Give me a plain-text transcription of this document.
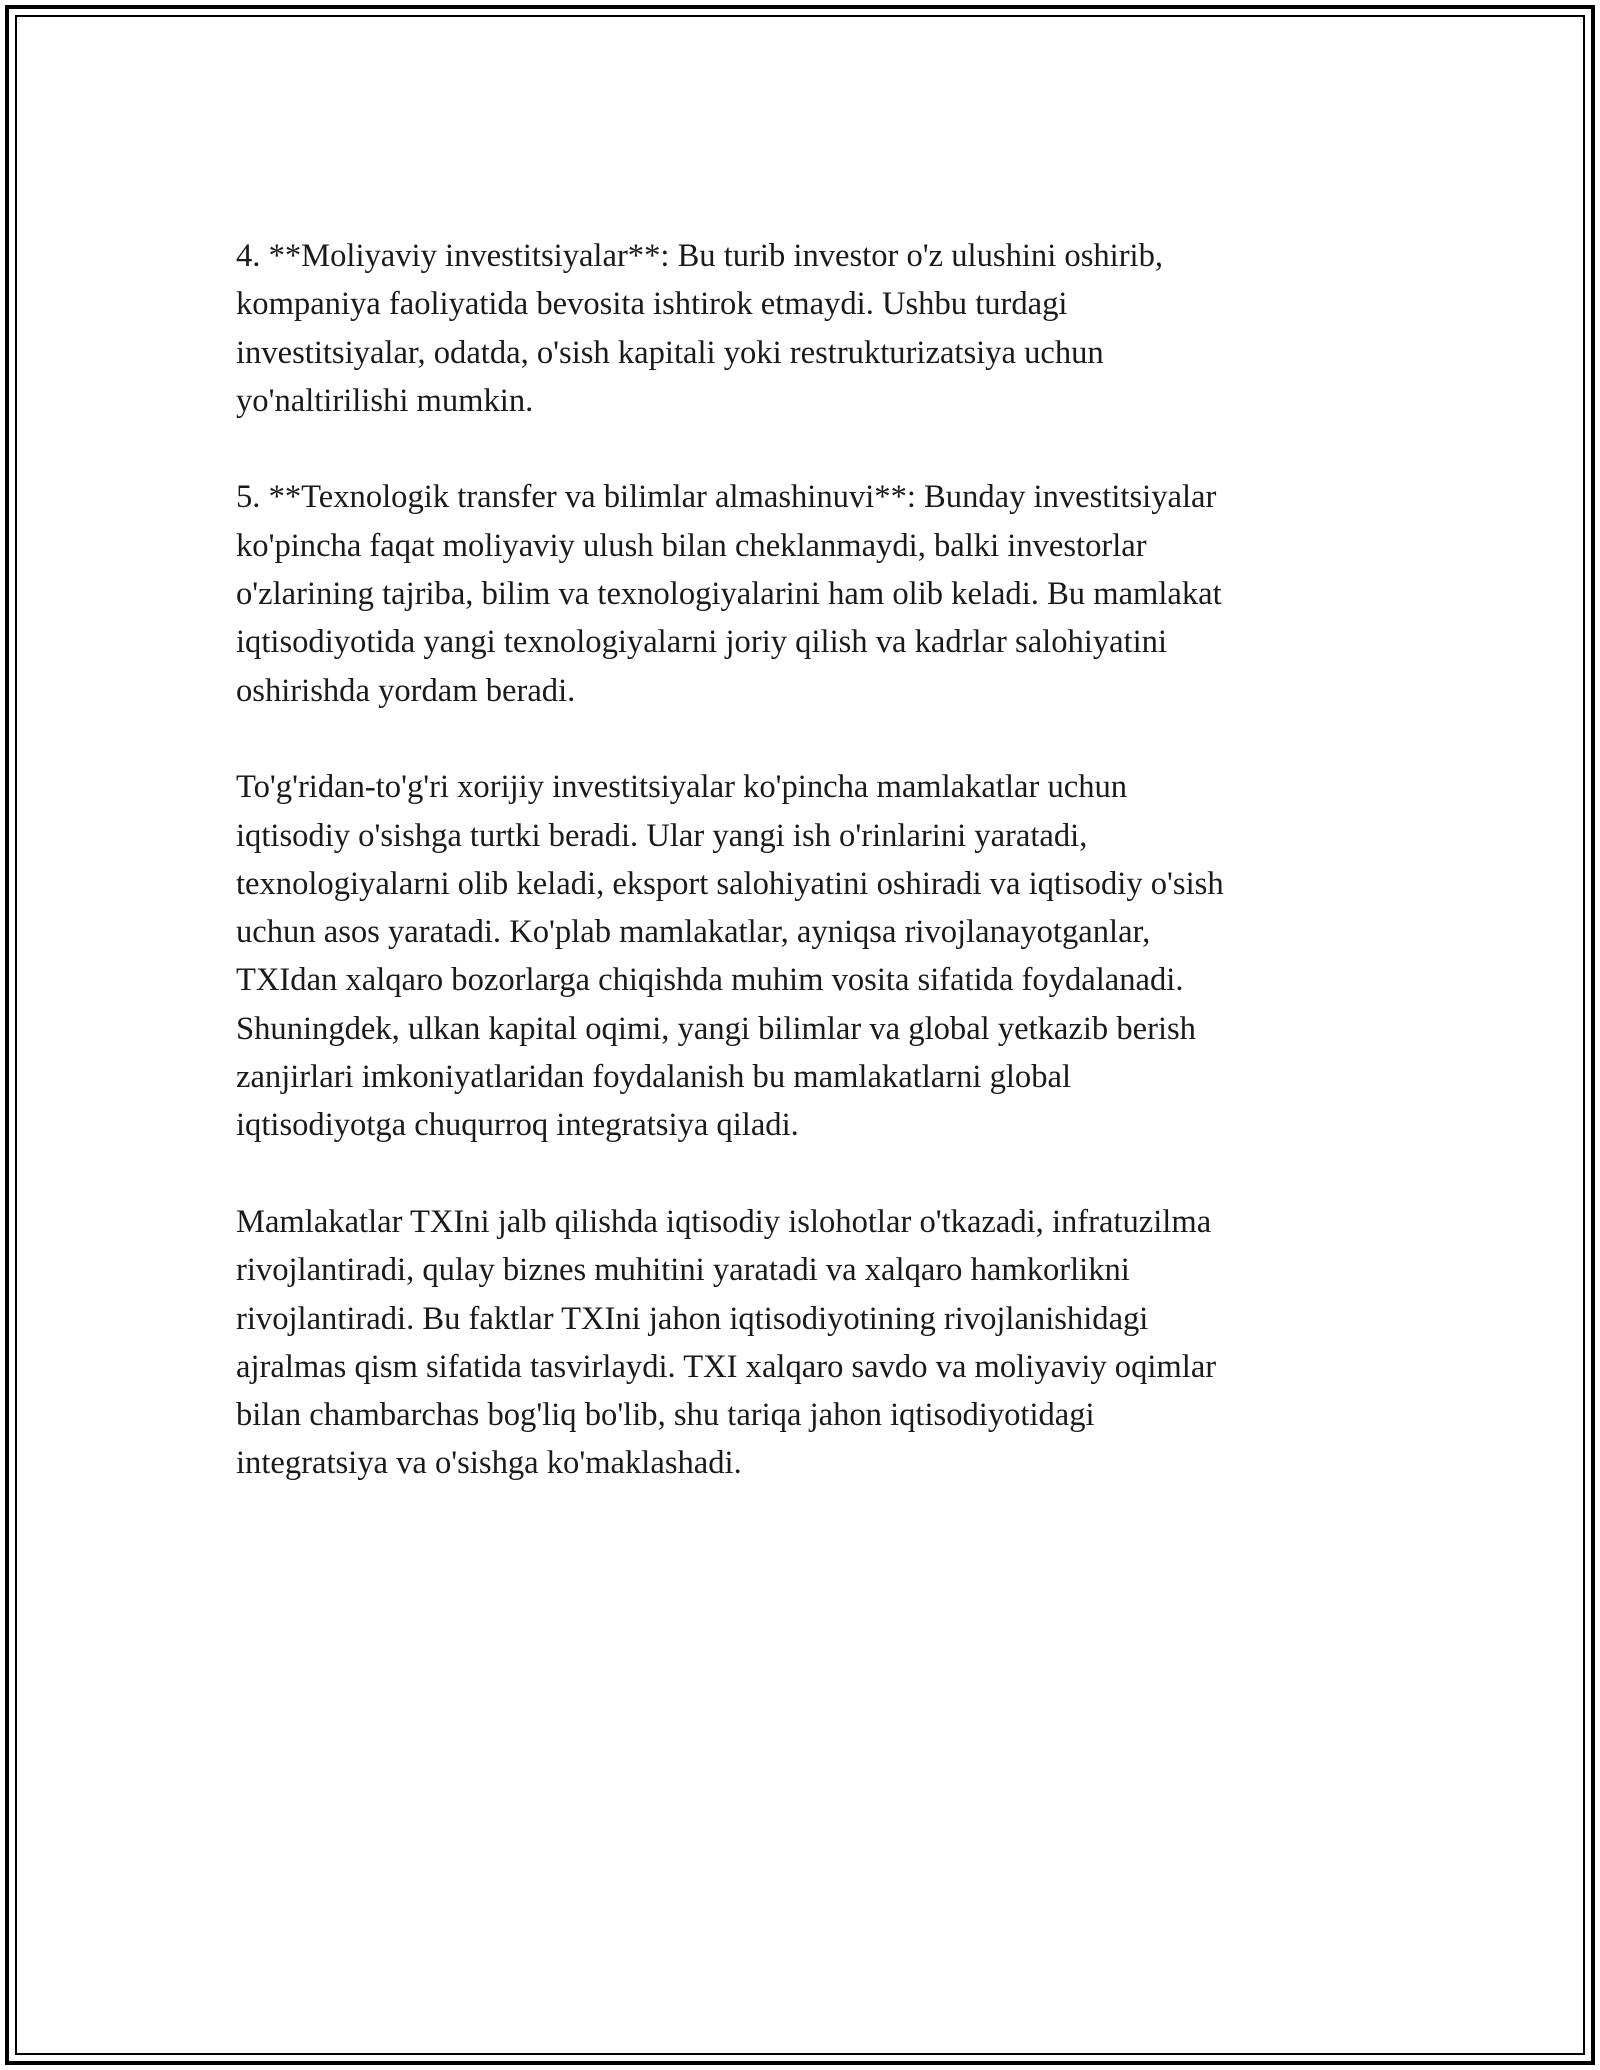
4. **Moliyaviy investitsiyalar**: Bu turib investor o'z ulushini oshirib,
kompaniya faoliyatida bevosita ishtirok etmaydi. Ushbu turdagi
investitsiyalar, odatda, o'sish kapitali yoki restrukturizatsiya uchun
yo'naltirilishi mumkin.

5. **Texnologik transfer va bilimlar almashinuvi**: Bunday investitsiyalar
ko'pincha faqat moliyaviy ulush bilan cheklanmaydi, balki investorlar
o'zlarining tajriba, bilim va texnologiyalarini ham olib keladi. Bu mamlakat
iqtisodiyotida yangi texnologiyalarni joriy qilish va kadrlar salohiyatini
oshirishda yordam beradi.

To'g'ridan-to'g'ri xorijiy investitsiyalar ko'pincha mamlakatlar uchun
iqtisodiy o'sishga turtki beradi. Ular yangi ish o'rinlarini yaratadi,
texnologiyalarni olib keladi, eksport salohiyatini oshiradi va iqtisodiy o'sish
uchun asos yaratadi. Ko'plab mamlakatlar, ayniqsa rivojlanayotganlar,
TXIdan xalqaro bozorlarga chiqishda muhim vosita sifatida foydalanadi.
Shuningdek, ulkan kapital oqimi, yangi bilimlar va global yetkazib berish
zanjirlari imkoniyatlaridan foydalanish bu mamlakatlarni global
iqtisodiyotga chuqurroq integratsiya qiladi.

Mamlakatlar TXIni jalb qilishda iqtisodiy islohotlar o'tkazadi, infratuzilma
rivojlantiradi, qulay biznes muhitini yaratadi va xalqaro hamkorlikni
rivojlantiradi. Bu faktlar TXIni jahon iqtisodiyotining rivojlanishidagi
ajralmas qism sifatida tasvirlaydi. TXI xalqaro savdo va moliyaviy oqimlar
bilan chambarchas bog'liq bo'lib, shu tariqa jahon iqtisodiyotidagi
integratsiya va o'sishga ko'maklashadi.
